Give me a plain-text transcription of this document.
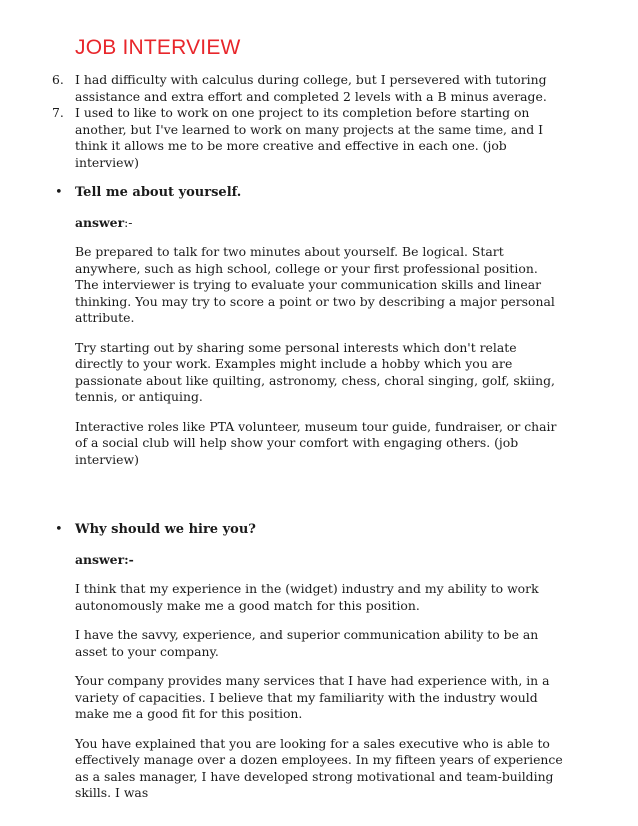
JOB INTERVIEW
6. I had difficulty with calculus during college, but I persevered with tutoring assistance and extra effort and completed 2 levels with a B minus average.
7. I used to like to work on one project to its completion before starting on another, but I've learned to work on many projects at the same time, and I think it allows me to be more creative and effective in each one. (job interview)
• Tell me about yourself.
answer:-
Be prepared to talk for two minutes about yourself. Be logical. Start anywhere, such as high school, college or your first professional position. The interviewer is trying to evaluate your communication skills and linear thinking. You may try to score a point or two by describing a major personal attribute.
Try starting out by sharing some personal interests which don't relate directly to your work. Examples might include a hobby which you are passionate about like quilting, astronomy, chess, choral singing, golf, skiing, tennis, or antiquing.
Interactive roles like PTA volunteer, museum tour guide, fundraiser, or chair of a social club will help show your comfort with engaging others. (job interview)
• Why should we hire you?
answer:-
I think that my experience in the (widget) industry and my ability to work autonomously make me a good match for this position.
I have the savvy, experience, and superior communication ability to be an asset to your company.
Your company provides many services that I have had experience with, in a variety of capacities. I believe that my familiarity with the industry would make me a good fit for this position.
You have explained that you are looking for a sales executive who is able to effectively manage over a dozen employees. In my fifteen years of experience as a sales manager, I have developed strong motivational and team-building skills. I was
